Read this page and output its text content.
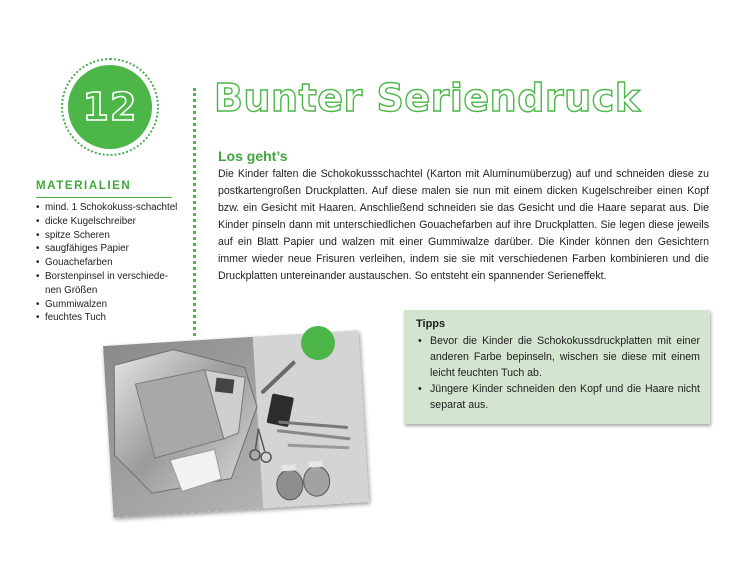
12 Bunter Seriendruck
Los geht’s

Die Kinder falten die Schokokussschachtel (Karton mit Aluminumüberzug) auf und schneiden diese zu postkartengroßen Druckplatten. Auf diese malen sie nun mit einem dicken Kugelschreiber einen Kopf bzw. ein Gesicht mit Haaren. Anschließend schneiden sie das Gesicht und die Haare separat aus. Die Kinder pinseln dann mit unterschiedlichen Gouachefarben auf ihre Druckplatten. Sie legen diese jeweils auf ein Blatt Papier und walzen mit einer Gummiwalze darüber. Die Kinder können den Gesichtern immer wieder neue Frisuren verleihen, indem sie sie mit verschiedenen Farben kombinieren und die Druckplatten untereinander austauschen. So entsteht ein spannender Serieneffekt.

MATERIALIEN
• mind. 1 Schokokuss-schachtel
• dicke Kugelschreiber
• spitze Scheren
• saugfähiges Papier
• Gouachefarben
• Borstenpinsel in verschiede-nen Größen
• Gummiwalzen
• feuchtes Tuch

Tipps

• Bevor die Kinder die Schokokussdruckplatten mit einer anderen Farbe bepinseln, wischen sie diese mit einem leicht feuchten Tuch ab.
• Jüngere Kinder schneiden den Kopf und die Haare nicht separat aus.
